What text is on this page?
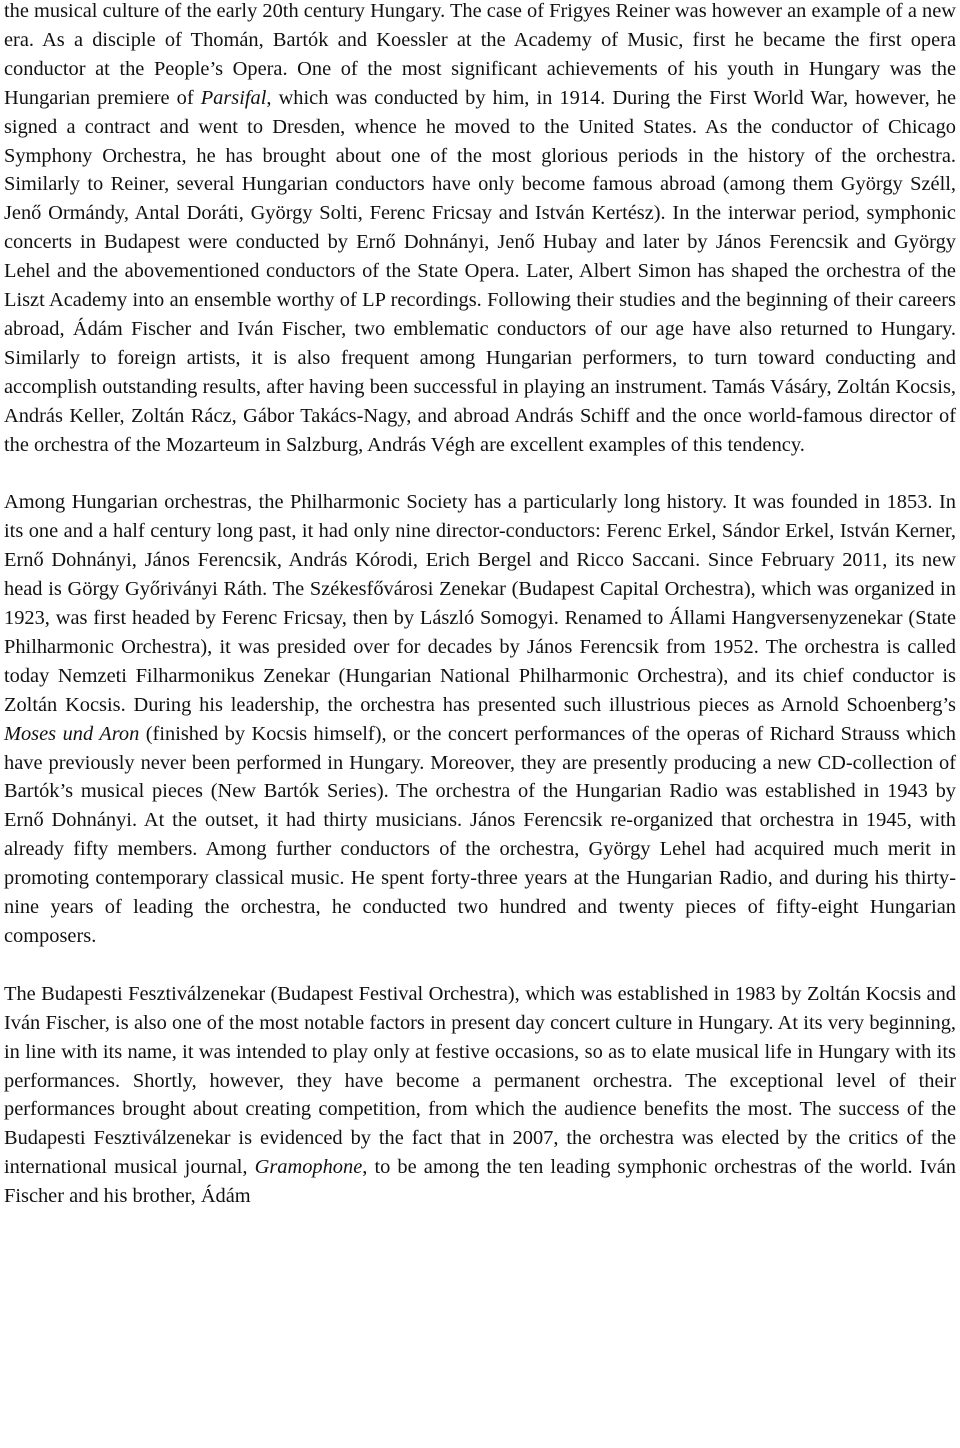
the musical culture of the early 20th century Hungary. The case of Frigyes Reiner was however an example of a new era. As a disciple of Thomán, Bartók and Koessler at the Academy of Music, first he became the first opera conductor at the People’s Opera. One of the most significant achievements of his youth in Hungary was the Hungarian premiere of Parsifal, which was conducted by him, in 1914. During the First World War, however, he signed a contract and went to Dresden, whence he moved to the United States. As the conductor of Chicago Symphony Orchestra, he has brought about one of the most glorious periods in the history of the orchestra. Similarly to Reiner, several Hungarian conductors have only become famous abroad (among them György Széll, Jenő Ormándy, Antal Doráti, György Solti, Ferenc Fricsay and István Kertész). In the interwar period, symphonic concerts in Budapest were conducted by Ernő Dohnányi, Jenő Hubay and later by János Ferencsik and György Lehel and the abovementioned conductors of the State Opera. Later, Albert Simon has shaped the orchestra of the Liszt Academy into an ensemble worthy of LP recordings. Following their studies and the beginning of their careers abroad, Ádám Fischer and Iván Fischer, two emblematic conductors of our age have also returned to Hungary. Similarly to foreign artists, it is also frequent among Hungarian performers, to turn toward conducting and accomplish outstanding results, after having been successful in playing an instrument. Tamás Vásáry, Zoltán Kocsis, András Keller, Zoltán Rácz, Gábor Takács-Nagy, and abroad András Schiff and the once world-famous director of the orchestra of the Mozarteum in Salzburg, András Végh are excellent examples of this tendency.

Among Hungarian orchestras, the Philharmonic Society has a particularly long history. It was founded in 1853. In its one and a half century long past, it had only nine director-conductors: Ferenc Erkel, Sándor Erkel, István Kerner, Ernő Dohnányi, János Ferencsik, András Kórodi, Erich Bergel and Ricco Saccani. Since February 2011, its new head is Görgy Győriványi Ráth. The Székesfővárosi Zenekar (Budapest Capital Orchestra), which was organized in 1923, was first headed by Ferenc Fricsay, then by László Somogyi. Renamed to Állami Hangversenyzenekar (State Philharmonic Orchestra), it was presided over for decades by János Ferencsik from 1952. The orchestra is called today Nemzeti Filharmonikus Zenekar (Hungarian National Philharmonic Orchestra), and its chief conductor is Zoltán Kocsis. During his leadership, the orchestra has presented such illustrious pieces as Arnold Schoenberg’s Moses und Aron (finished by Kocsis himself), or the concert performances of the operas of Richard Strauss which have previously never been performed in Hungary. Moreover, they are presently producing a new CD-collection of Bartók’s musical pieces (New Bartók Series). The orchestra of the Hungarian Radio was established in 1943 by Ernő Dohnányi. At the outset, it had thirty musicians. János Ferencsik re-organized that orchestra in 1945, with already fifty members. Among further conductors of the orchestra, György Lehel had acquired much merit in promoting contemporary classical music. He spent forty-three years at the Hungarian Radio, and during his thirty-nine years of leading the orchestra, he conducted two hundred and twenty pieces of fifty-eight Hungarian composers.

The Budapesti Fesztiválzenekar (Budapest Festival Orchestra), which was established in 1983 by Zoltán Kocsis and Iván Fischer, is also one of the most notable factors in present day concert culture in Hungary. At its very beginning, in line with its name, it was intended to play only at festive occasions, so as to elate musical life in Hungary with its performances. Shortly, however, they have become a permanent orchestra. The exceptional level of their performances brought about creating competition, from which the audience benefits the most. The success of the Budapesti Fesztiválzenekar is evidenced by the fact that in 2007, the orchestra was elected by the critics of the international musical journal, Gramophone, to be among the ten leading symphonic orchestras of the world. Iván Fischer and his brother, Ádám
